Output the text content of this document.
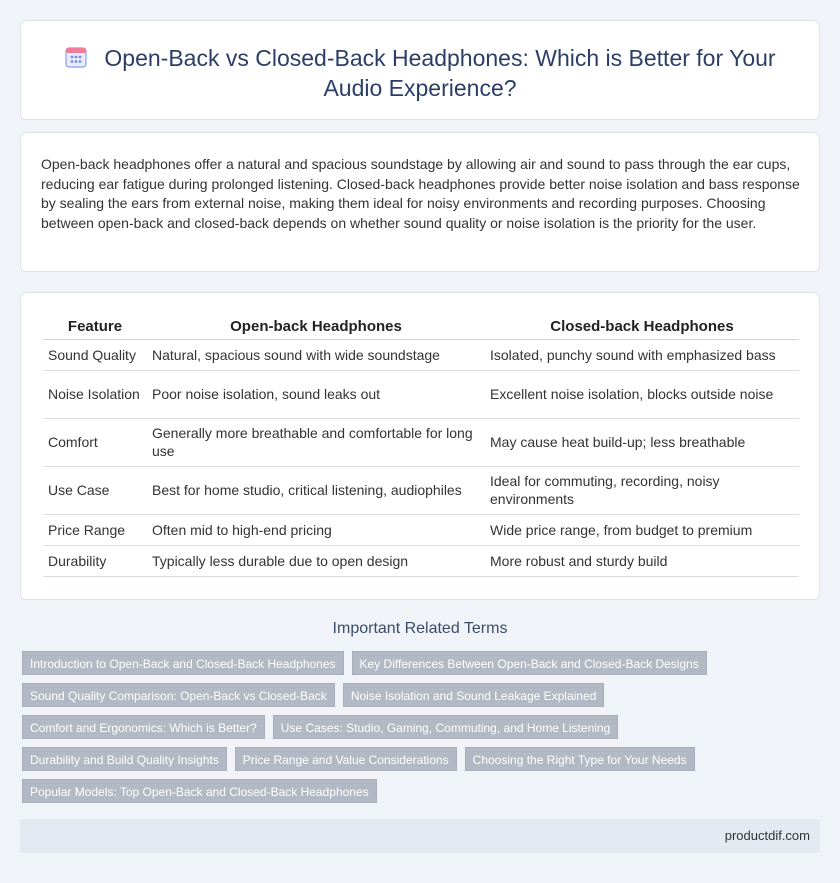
Open-Back vs Closed-Back Headphones: Which is Better for Your Audio Experience?

Open-back headphones offer a natural and spacious soundstage by allowing air and sound to pass through the ear cups, reducing ear fatigue during prolonged listening. Closed-back headphones provide better noise isolation and bass response by sealing the ears from external noise, making them ideal for noisy environments and recording purposes. Choosing between open-back and closed-back depends on whether sound quality or noise isolation is the priority for the user.

Feature	Open-back Headphones	Closed-back Headphones
Sound Quality	Natural, spacious sound with wide soundstage	Isolated, punchy sound with emphasized bass
Noise Isolation	Poor noise isolation, sound leaks out	Excellent noise isolation, blocks outside noise
Comfort	Generally more breathable and comfortable for long use	May cause heat build-up; less breathable
Use Case	Best for home studio, critical listening, audiophiles	Ideal for commuting, recording, noisy environments
Price Range	Often mid to high-end pricing	Wide price range, from budget to premium
Durability	Typically less durable due to open design	More robust and sturdy build
Important Related Terms
Introduction to Open-Back and Closed-Back Headphones	Key Differences Between Open-Back and Closed-Back Designs
Sound Quality Comparison: Open-Back vs Closed-Back	Noise Isolation and Sound Leakage Explained
Comfort and Ergonomics: Which is Better?	Use Cases: Studio, Gaming, Commuting, and Home Listening
Durability and Build Quality Insights	Price Range and Value Considerations	Choosing the Right Type for Your Needs
Popular Models: Top Open-Back and Closed-Back Headphones
productdif.com
